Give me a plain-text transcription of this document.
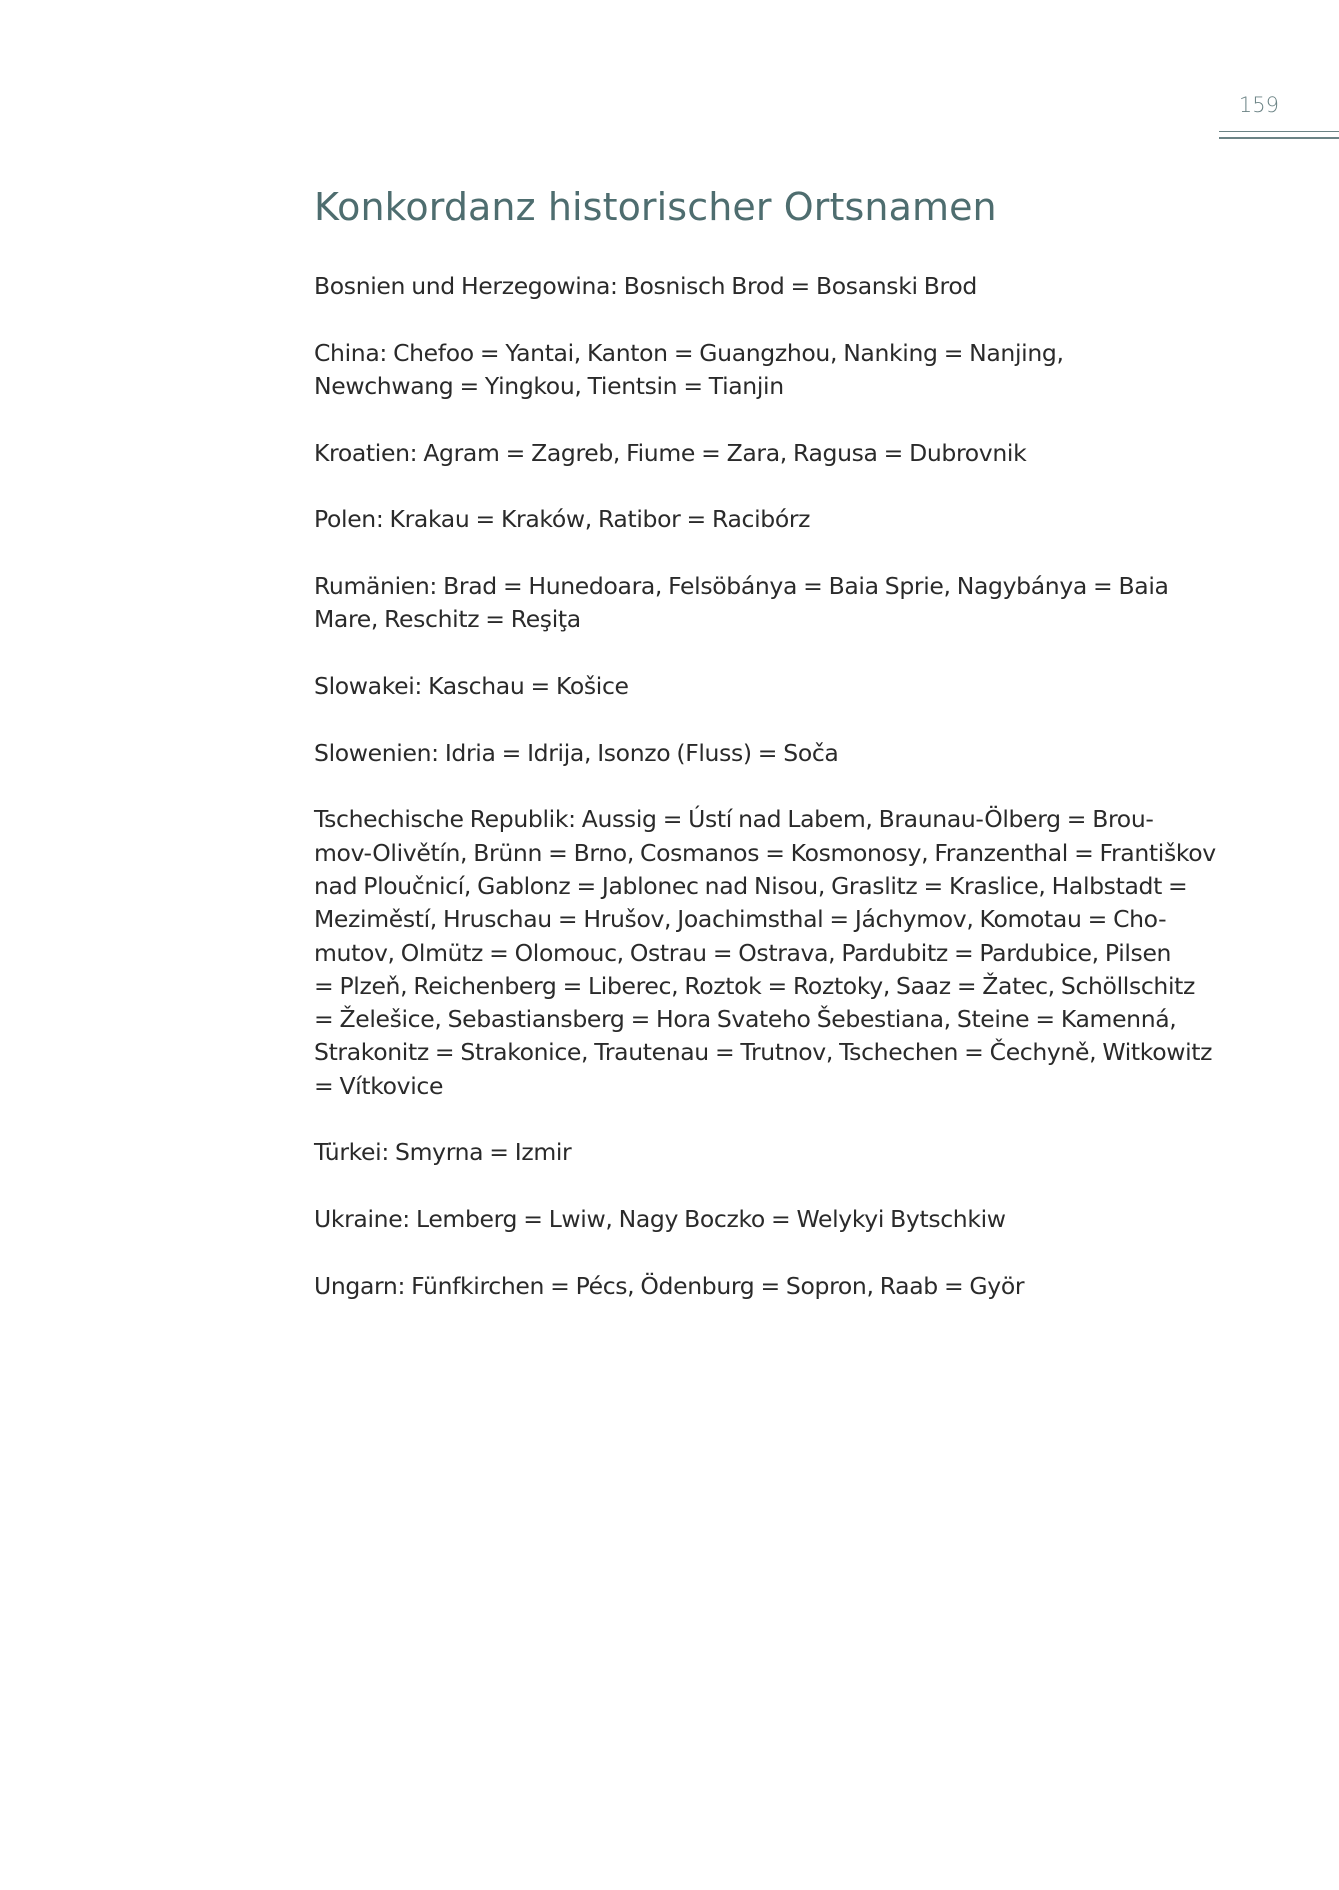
159
Konkordanz historischer Ortsnamen

Bosnien und Herzegowina: Bosnisch Brod = Bosanski Brod

China: Chefoo = Yantai, Kanton = Guangzhou, Nanking = Nanjing,
Newchwang = Yingkou, Tientsin = Tianjin

Kroatien: Agram = Zagreb, Fiume = Zara, Ragusa = Dubrovnik

Polen: Krakau = Kraków, Ratibor = Racibórz

Rumänien: Brad = Hunedoara, Felsöbánya = Baia Sprie, Nagybánya = Baia
Mare, Reschitz = Reşiţa

Slowakei: Kaschau = Košice

Slowenien: Idria = Idrija, Isonzo (Fluss) = Soča

Tschechische Republik: Aussig = Ústí nad Labem, Braunau-Ölberg = Brou-
mov-Olivětín, Brünn = Brno, Cosmanos = Kosmonosy, Franzenthal = Františkov
nad Ploučnicí, Gablonz = Jablonec nad Nisou, Graslitz = Kraslice, Halbstadt =
Meziměstí, Hruschau = Hrušov, Joachimsthal = Jáchymov, Komotau = Cho-
mutov, Olmütz = Olomouc, Ostrau = Ostrava, Pardubitz = Pardubice, Pilsen
= Plzeň, Reichenberg = Liberec, Roztok = Roztoky, Saaz = Žatec, Schöllschitz
= Želešice, Sebastiansberg = Hora Svateho Šebestiana, Steine = Kamenná,
Strakonitz = Strakonice, Trautenau = Trutnov, Tschechen = Čechyně, Witkowitz
= Vítkovice

Türkei: Smyrna = Izmir

Ukraine: Lemberg = Lwiw, Nagy Boczko = Welykyi Bytschkiw

Ungarn: Fünfkirchen = Pécs, Ödenburg = Sopron, Raab = Györ
